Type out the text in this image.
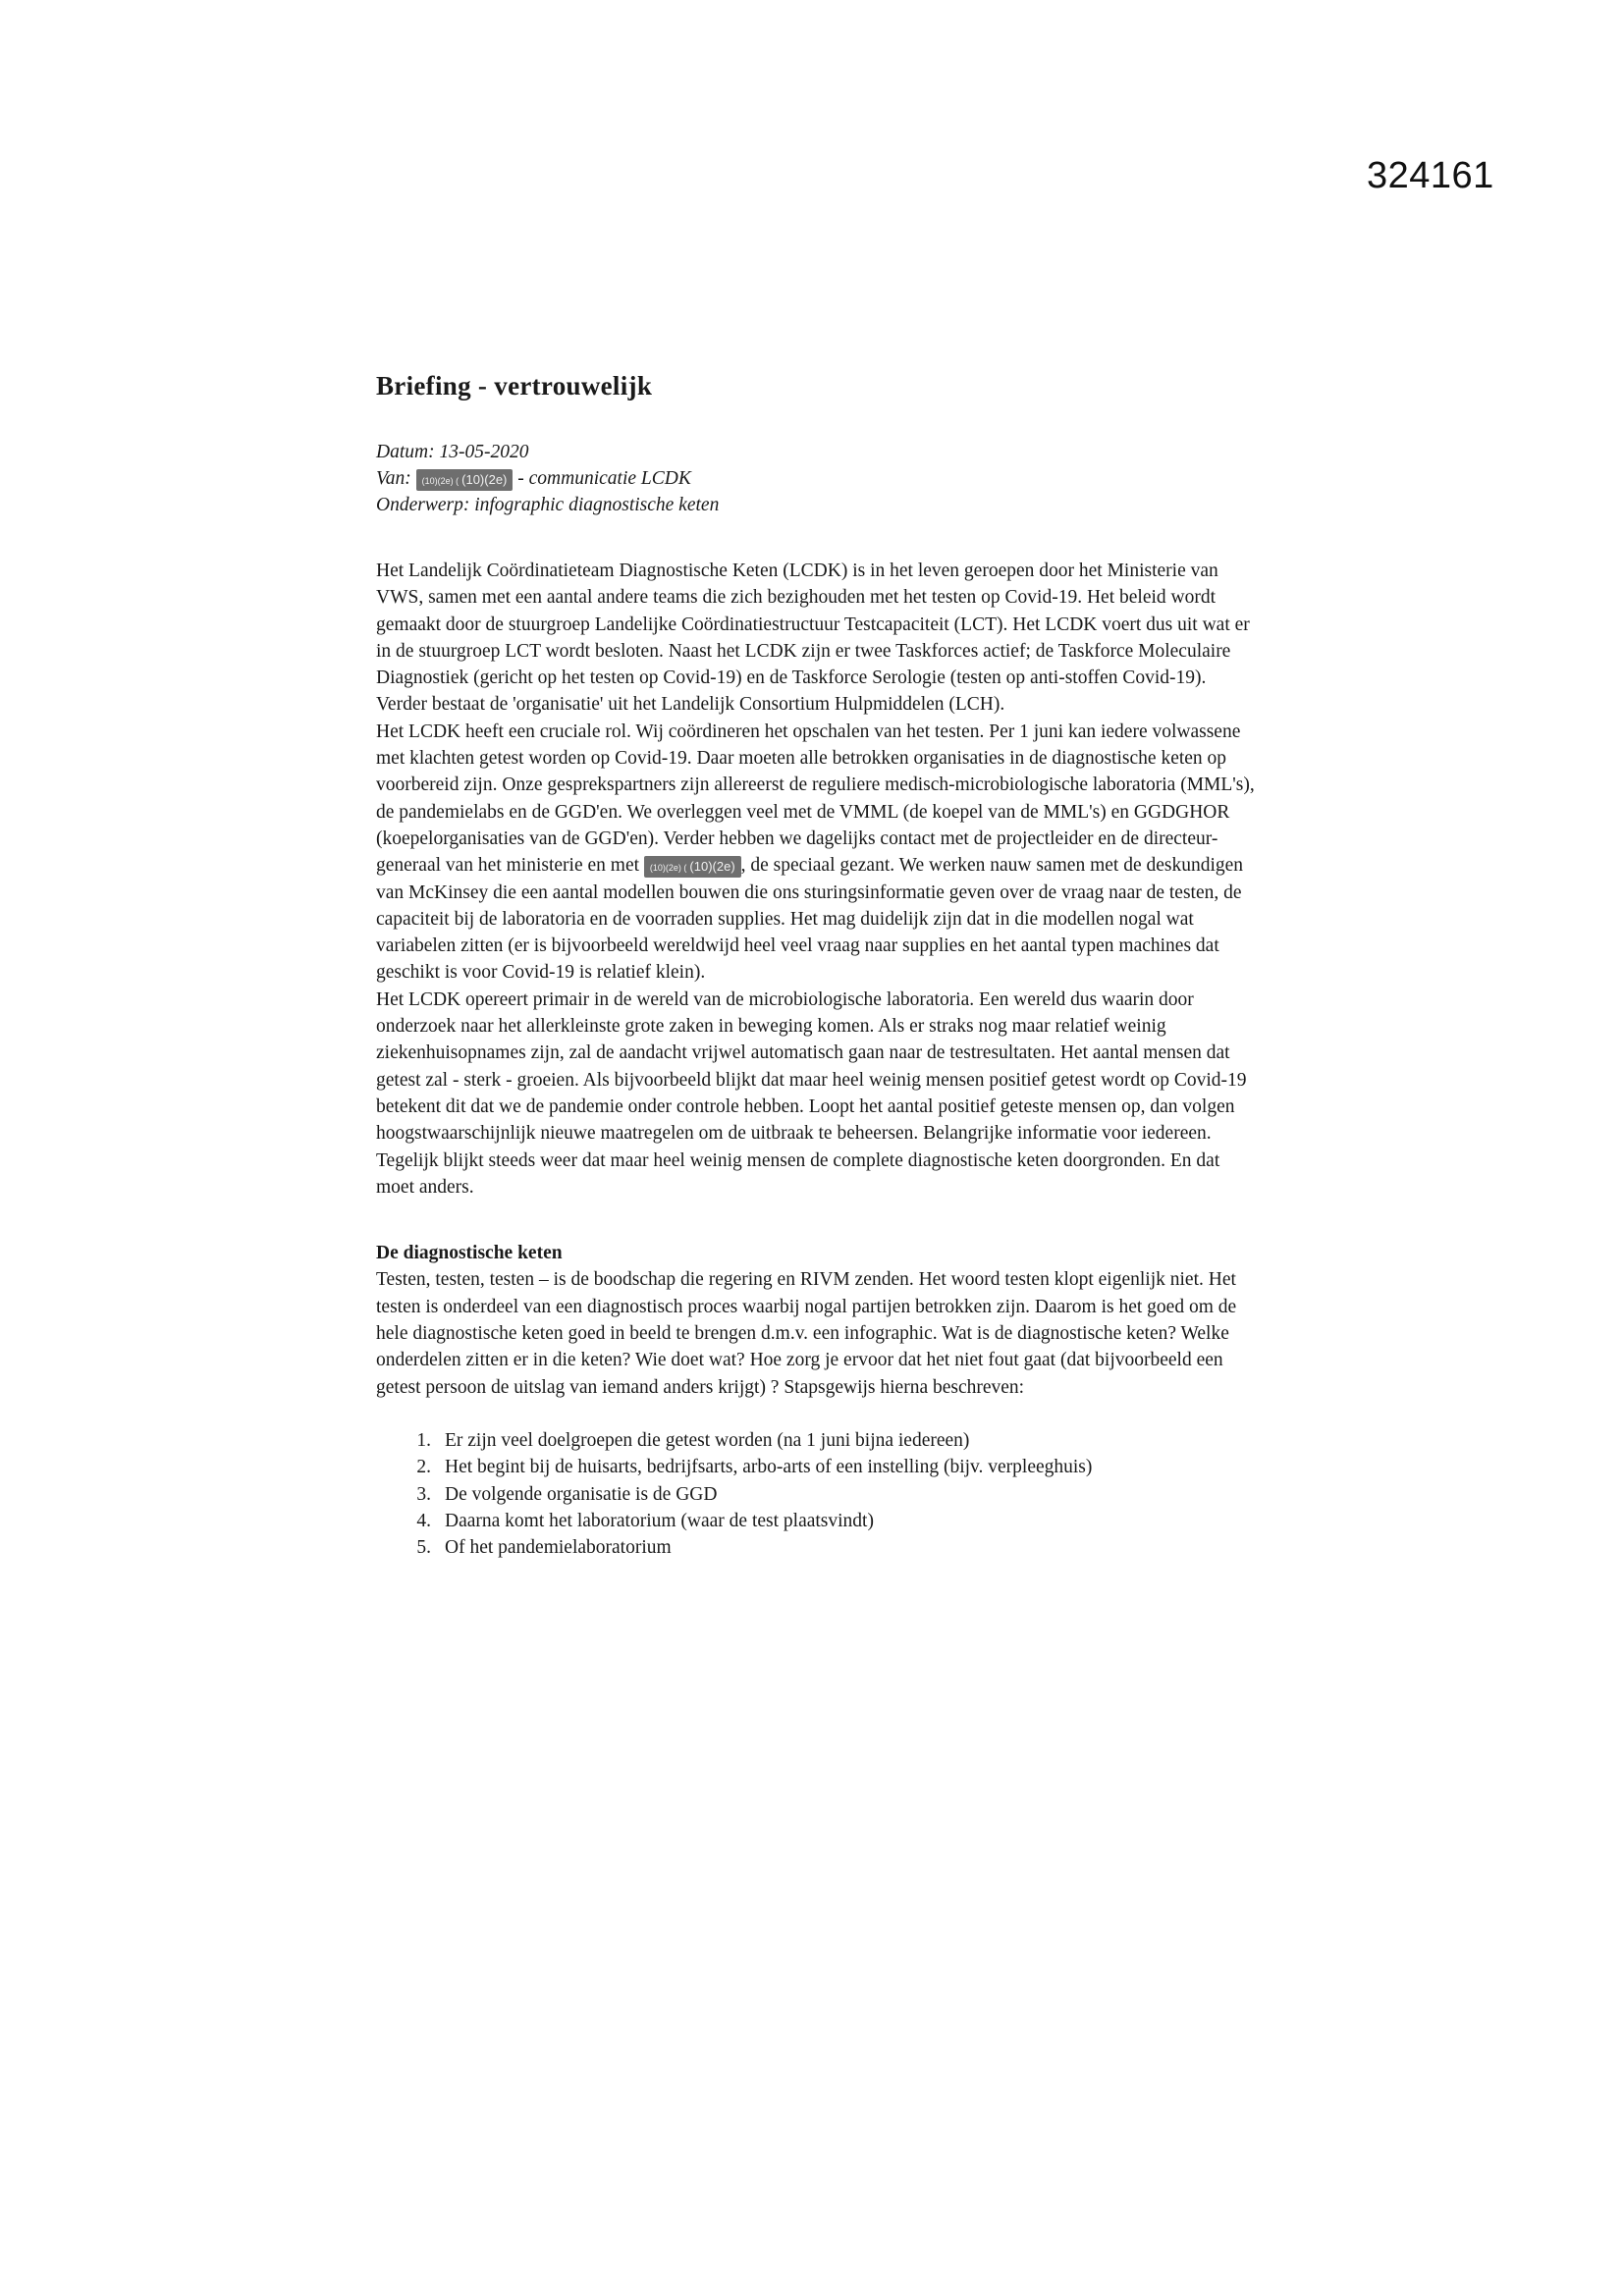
324161
Briefing - vertrouwelijk
Datum: 13-05-2020
Van: (10)(2e) ( (10)(2e) - communicatie LCDK
Onderwerp: infographic diagnostische keten

Het Landelijk Coördinatieteam Diagnostische Keten (LCDK) is in het leven geroepen door het Ministerie van VWS, samen met een aantal andere teams die zich bezighouden met het testen op Covid-19. Het beleid wordt gemaakt door de stuurgroep Landelijke Coördinatiestructuur Testcapaciteit (LCT). Het LCDK voert dus uit wat er in de stuurgroep LCT wordt besloten. Naast het LCDK zijn er twee Taskforces actief; de Taskforce Moleculaire Diagnostiek (gericht op het testen op Covid-19) en de Taskforce Serologie (testen op anti-stoffen Covid-19). Verder bestaat de 'organisatie' uit het Landelijk Consortium Hulpmiddelen (LCH).

Het LCDK heeft een cruciale rol. Wij coördineren het opschalen van het testen. Per 1 juni kan iedere volwassene met klachten getest worden op Covid-19. Daar moeten alle betrokken organisaties in de diagnostische keten op voorbereid zijn. Onze gesprekspartners zijn allereerst de reguliere medisch-microbiologische laboratoria (MML's), de pandemielabs en de GGD'en. We overleggen veel met de VMML (de koepel van de MML's) en GGDGHOR (koepelorganisaties van de GGD'en). Verder hebben we dagelijks contact met de projectleider en de directeur-generaal van het ministerie en met (10)(2e) ( (10)(2e) , de speciaal gezant. We werken nauw samen met de deskundigen van McKinsey die een aantal modellen bouwen die ons sturingsinformatie geven over de vraag naar de testen, de capaciteit bij de laboratoria en de voorraden supplies. Het mag duidelijk zijn dat in die modellen nogal wat variabelen zitten (er is bijvoorbeeld wereldwijd heel veel vraag naar supplies en het aantal typen machines dat geschikt is voor Covid-19 is relatief klein).

Het LCDK opereert primair in de wereld van de microbiologische laboratoria. Een wereld dus waarin door onderzoek naar het allerkleinste grote zaken in beweging komen. Als er straks nog maar relatief weinig ziekenhuisopnames zijn, zal de aandacht vrijwel automatisch gaan naar de testresultaten. Het aantal mensen dat getest zal - sterk - groeien. Als bijvoorbeeld blijkt dat maar heel weinig mensen positief getest wordt op Covid-19 betekent dit dat we de pandemie onder controle hebben. Loopt het aantal positief geteste mensen op, dan volgen hoogstwaarschijnlijk nieuwe maatregelen om de uitbraak te beheersen. Belangrijke informatie voor iedereen. Tegelijk blijkt steeds weer dat maar heel weinig mensen de complete diagnostische keten doorgronden. En dat moet anders.

De diagnostische keten

Testen, testen, testen – is de boodschap die regering en RIVM zenden. Het woord testen klopt eigenlijk niet. Het testen is onderdeel van een diagnostisch proces waarbij nogal partijen betrokken zijn. Daarom is het goed om de hele diagnostische keten goed in beeld te brengen d.m.v. een infographic. Wat is de diagnostische keten? Welke onderdelen zitten er in die keten? Wie doet wat? Hoe zorg je ervoor dat het niet fout gaat (dat bijvoorbeeld een getest persoon de uitslag van iemand anders krijgt) ? Stapsgewijs hierna beschreven:

1. Er zijn veel doelgroepen die getest worden (na 1 juni bijna iedereen)
2. Het begint bij de huisarts, bedrijfsarts, arbo-arts of een instelling (bijv. verpleeghuis)
3. De volgende organisatie is de GGD
4. Daarna komt het laboratorium (waar de test plaatsvindt)
5. Of het pandemielaboratorium
